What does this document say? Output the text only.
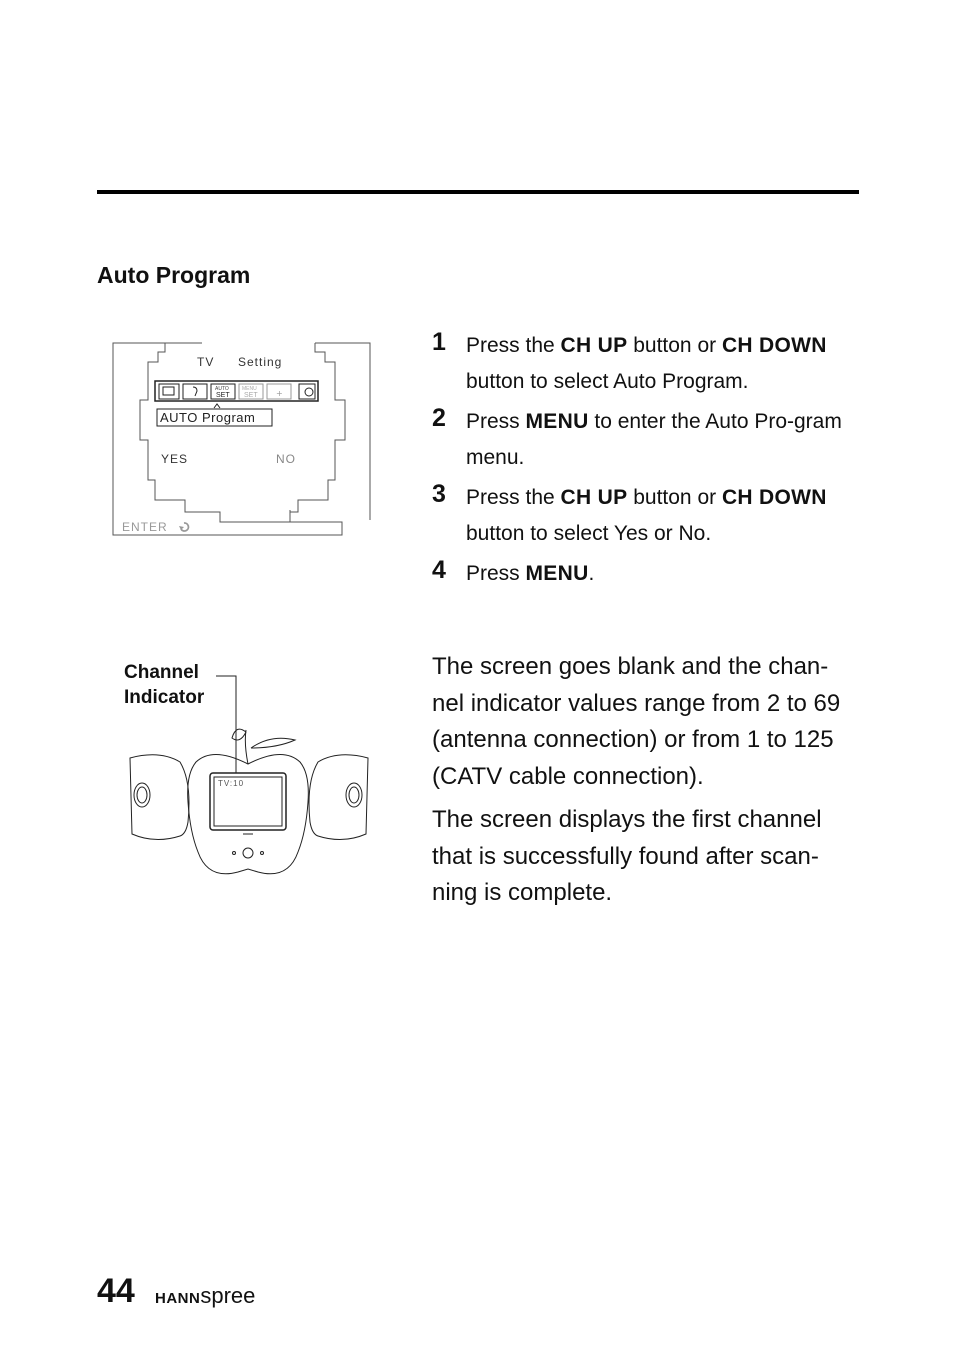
Auto Program
TV Setting
AUTO
SET
MENU
SET +
AUTO Program
YES	NO
ENTER
1 Press the CH UP button or CH DOWN button to select Auto Program.
2 Press MENU to enter the Auto Pro-gram menu.
3 Press the CH UP button or CH DOWN button to select Yes or No.
4 Press MENU.

The screen goes blank and the chan-nel indicator values range from 2 to 69 (antenna connection) or from 1 to 125 (CATV cable connection).

The screen displays the first channel that is successfully found after scan-ning is complete.

TV:10
Channel
Indicator
44 HANNspree
